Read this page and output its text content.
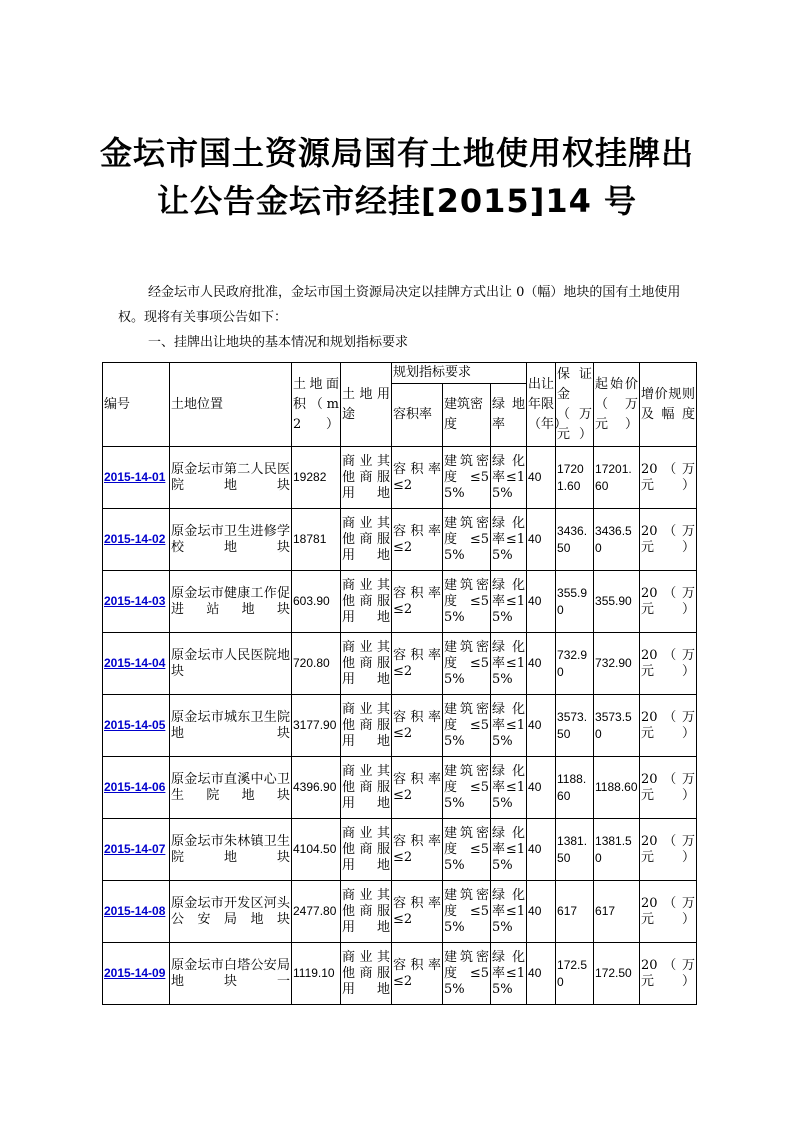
金坛市国土资源局国有土地使用权挂牌出
让公告金坛市经挂[2015]14 号
经金坛市人民政府批准，金坛市国土资源局决定以挂牌方式出让 0（幅）地块的国有土地使用权。现将有关事项公告如下：
一、挂牌出让地块的基本情况和规划指标要求
编号	土地位置	土地面积（m2）	土地用途	规划指标要求			出让年限（年）	保证金（万元）	起始价（万元）	增价规则及幅度
				容积率	建筑密度	绿地率				
2015-14-01	原金坛市第二人民医院地块	19282	商业其他商服用地	容积率≤2	建筑密度≤55%	绿化率≤15%	40	17201.60	17201.60	20（万元）
2015-14-02	原金坛市卫生进修学校地块	18781	商业其他商服用地	容积率≤2	建筑密度≤55%	绿化率≤15%	40	3436.50	3436.50	20（万元）
2015-14-03	原金坛市健康工作促进站地块	603.90	商业其他商服用地	容积率≤2	建筑密度≤55%	绿化率≤15%	40	355.90	355.90	20（万元）
2015-14-04	原金坛市人民医院地块	720.80	商业其他商服用地	容积率≤2	建筑密度≤55%	绿化率≤15%	40	732.90	732.90	20（万元）
2015-14-05	原金坛市城东卫生院地块	3177.90	商业其他商服用地	容积率≤2	建筑密度≤55%	绿化率≤15%	40	3573.50	3573.50	20（万元）
2015-14-06	原金坛市直溪中心卫生院地块	4396.90	商业其他商服用地	容积率≤2	建筑密度≤55%	绿化率≤15%	40	1188.60	1188.60	20（万元）
2015-14-07	原金坛市朱林镇卫生院地块	4104.50	商业其他商服用地	容积率≤2	建筑密度≤55%	绿化率≤15%	40	1381.50	1381.50	20（万元）
2015-14-08	原金坛市开发区河头公安局地块	2477.80	商业其他商服用地	容积率≤2	建筑密度≤55%	绿化率≤15%	40	617	617	20（万元）
2015-14-09	原金坛市白塔公安局地块一	1119.10	商业其他商服用地	容积率≤2	建筑密度≤55%	绿化率≤15%	40	172.50	172.50	20（万元）
